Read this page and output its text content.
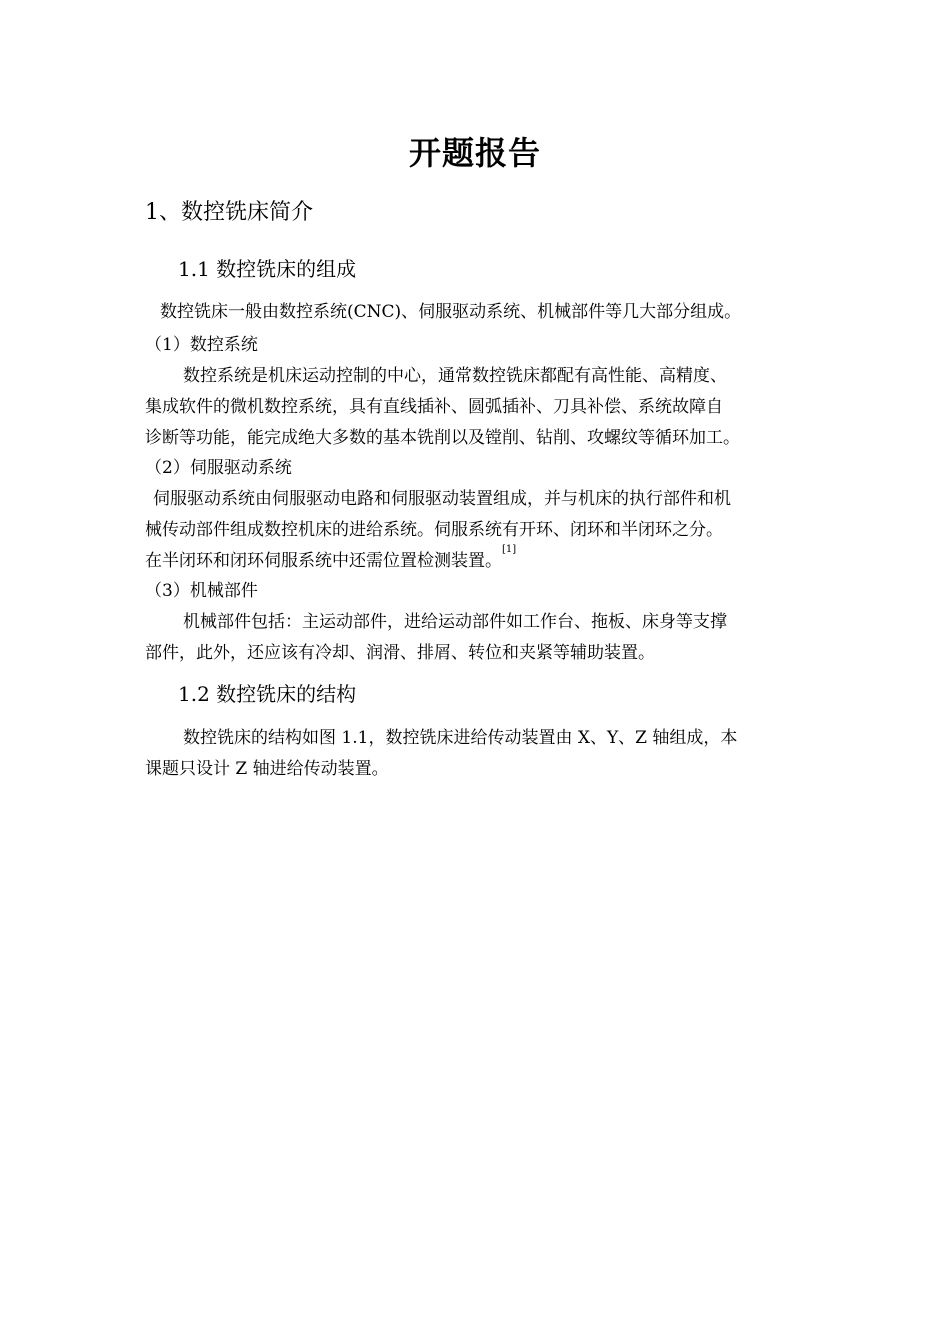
开题报告
1、数控铣床简介
1.1 数控铣床的组成
数控铣床一般由数控系统(CNC)、伺服驱动系统、机械部件等几大部分组成。
（1）数控系统
数控系统是机床运动控制的中心，通常数控铣床都配有高性能、高精度、
集成软件的微机数控系统，具有直线插补、圆弧插补、刀具补偿、系统故障自
诊断等功能，能完成绝大多数的基本铣削以及镗削、钻削、攻螺纹等循环加工。
（2）伺服驱动系统
伺服驱动系统由伺服驱动电路和伺服驱动装置组成，并与机床的执行部件和机
械传动部件组成数控机床的进给系统。伺服系统有开环、闭环和半闭环之分。
在半闭环和闭环伺服系统中还需位置检测装置。[1]
（3）机械部件
机械部件包括：主运动部件，进给运动部件如工作台、拖板、床身等支撑
部件，此外，还应该有冷却、润滑、排屑、转位和夹紧等辅助装置。
1.2 数控铣床的结构
数控铣床的结构如图 1.1，数控铣床进给传动装置由 X、Y、Z 轴组成，本
课题只设计 Z 轴进给传动装置。
